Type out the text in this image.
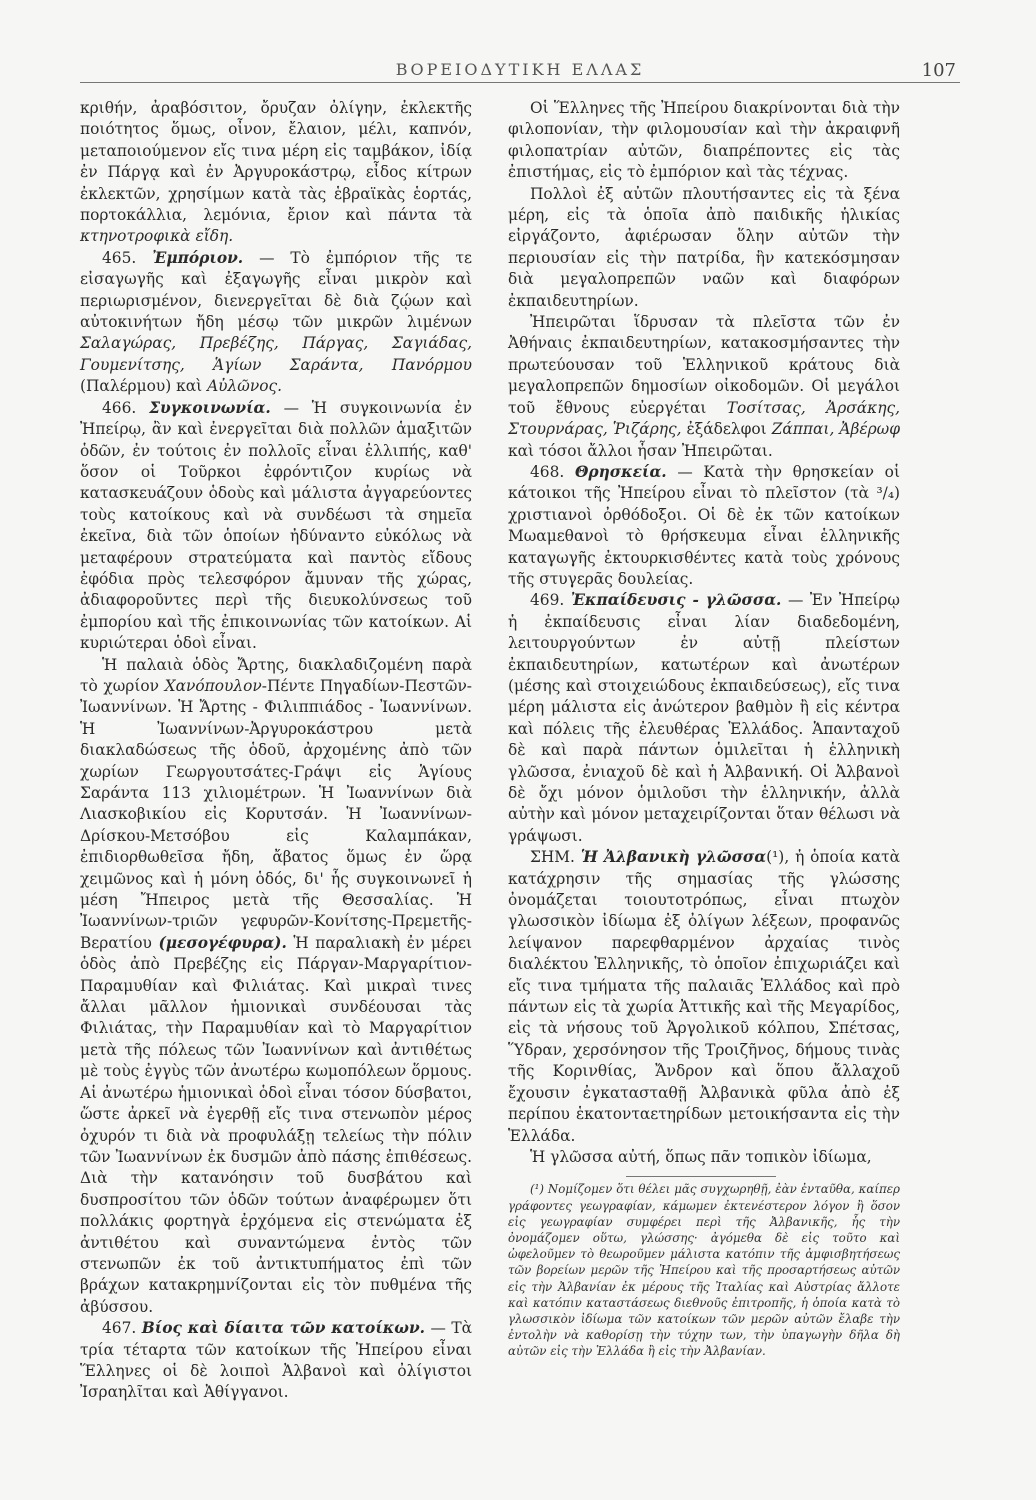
ΒΟΡΕΙΟΔΥΤΙΚΗ ΕΛΛΑΣ	107

κριθήν, ἀραβόσιτον, ὄρυζαν ὀλίγην, ἐκλεκτῆς ποιότητος ὅμως, οἶνον, ἔλαιον, μέλι, καπνόν, μεταποιούμενον εἴς τινα μέρη εἰς ταμβάκον, ἰδίᾳ ἐν Πάργᾳ καὶ ἐν Ἀργυροκάστρῳ, εἶδος κίτρων ἐκλεκτῶν, χρησίμων κατὰ τὰς ἑβραϊκὰς ἑορτάς, πορτοκάλλια, λεμόνια, ἔριον καὶ πάντα τὰ κτηνοτροφικὰ εἴδη.

465. Ἐμπόριον. — Τὸ ἐμπόριον τῆς τε εἰσαγωγῆς καὶ ἐξαγωγῆς εἶναι μικρὸν καὶ περιωρισμένον, διενεργεῖται δὲ διὰ ζῴων καὶ αὐτοκινήτων ἤδη μέσῳ τῶν μικρῶν λιμένων Σαλαγώρας, Πρεβέζης, Πάργας, Σαγιάδας, Γουμενίτσης, Ἁγίων Σαράντα, Πανόρμου (Παλέρμου) καὶ Αὐλῶνος.

466. Συγκοινωνία. — Ἡ συγκοινωνία ἐν Ἠπείρῳ, ἂν καὶ ἐνεργεῖται διὰ πολλῶν ἁμαξιτῶν ὁδῶν, ἐν τούτοις ἐν πολλοῖς εἶναι ἐλλιπής, καθ' ὅσον οἱ Τοῦρκοι ἐφρόντιζον κυρίως νὰ κατασκευάζουν ὁδοὺς καὶ μάλιστα ἀγγαρεύοντες τοὺς κατοίκους καὶ νὰ συνδέωσι τὰ σημεῖα ἐκεῖνα, διὰ τῶν ὁποίων ἠδύναντο εὐκόλως νὰ μεταφέρουν στρατεύματα καὶ παντὸς εἴδους ἐφόδια πρὸς τελεσφόρον ἄμυναν τῆς χώρας, ἀδιαφοροῦντες περὶ τῆς διευκολύνσεως τοῦ ἐμπορίου καὶ τῆς ἐπικοινωνίας τῶν κατοίκων. Αἱ κυριώτεραι ὁδοὶ εἶναι.

Ἡ παλαιὰ ὁδὸς Ἄρτης, διακλαδιζομένη παρὰ τὸ χωρίον Χανόπουλον-Πέντε Πηγαδίων-Πεστῶν-Ἰωαννίνων. Ἡ Ἄρτης - Φιλιππιάδος - Ἰωαννίνων. Ἡ Ἰωαννίνων-Ἀργυροκάστρου μετὰ διακλαδώσεως τῆς ὁδοῦ, ἀρχομένης ἀπὸ τῶν χωρίων Γεωργουτσάτες-Γράψι εἰς Ἁγίους Σαράντα 113 χιλιομέτρων. Ἡ Ἰωαννίνων διὰ Λιασκοβικίου εἰς Κορυτσάν. Ἡ Ἰωαννίνων-Δρίσκου-Μετσόβου εἰς Καλαμπάκαν, ἐπιδιορθωθεῖσα ἤδη, ἄβατος ὅμως ἐν ὥρᾳ χειμῶνος καὶ ἡ μόνη ὁδός, δι' ἧς συγκοινωνεῖ ἡ μέση Ἤπειρος μετὰ τῆς Θεσσαλίας. Ἡ Ἰωαννίνων-τριῶν γεφυρῶν-Κονίτσης-Πρεμετῆς-Βερατίου (μεσογέφυρα). Ἡ παραλιακὴ ἐν μέρει ὁδὸς ἀπὸ Πρεβέζης εἰς Πάργαν-Μαργαρίτιον-Παραμυθίαν καὶ Φιλιάτας. Καὶ μικραὶ τινες ἄλλαι μᾶλλον ἡμιονικαὶ συνδέουσαι τὰς Φιλιάτας, τὴν Παραμυθίαν καὶ τὸ Μαργαρίτιον μετὰ τῆς πόλεως τῶν Ἰωαννίνων καὶ ἀντιθέτως μὲ τοὺς ἐγγὺς τῶν ἀνωτέρω κωμοπόλεων ὅρμους. Αἱ ἀνωτέρω ἡμιονικαὶ ὁδοὶ εἶναι τόσον δύσβατοι, ὥστε ἀρκεῖ νὰ ἐγερθῇ εἴς τινα στενωπὸν μέρος ὀχυρόν τι διὰ νὰ προφυλάξῃ τελείως τὴν πόλιν τῶν Ἰωαννίνων ἐκ δυσμῶν ἀπὸ πάσης ἐπιθέσεως. Διὰ τὴν κατανόησιν τοῦ δυσβάτου καὶ δυσπροσίτου τῶν ὁδῶν τούτων ἀναφέρωμεν ὅτι πολλάκις φορτηγὰ ἐρχόμενα εἰς στενώματα ἐξ ἀντιθέτου καὶ συναντώμενα ἐντὸς τῶν στενωπῶν ἐκ τοῦ ἀντικτυπήματος ἐπὶ τῶν βράχων κατακρημνίζονται εἰς τὸν πυθμένα τῆς ἀβύσσου.

467. Βίος καὶ δίαιτα τῶν κατοίκων. — Τὰ τρία τέταρτα τῶν κατοίκων τῆς Ἠπείρου εἶναι Ἕλληνες οἱ δὲ λοιποὶ Ἀλβανοὶ καὶ ὀλίγιστοι Ἰσραηλῖται καὶ Ἀθίγγανοι.

Οἱ Ἕλληνες τῆς Ἠπείρου διακρίνονται διὰ τὴν φιλοπονίαν, τὴν φιλομουσίαν καὶ τὴν ἀκραιφνῆ φιλοπατρίαν αὐτῶν, διαπρέποντες εἰς τὰς ἐπιστήμας, εἰς τὸ ἐμπόριον καὶ τὰς τέχνας.

Πολλοὶ ἐξ αὐτῶν πλουτήσαντες εἰς τὰ ξένα μέρη, εἰς τὰ ὁποῖα ἀπὸ παιδικῆς ἡλικίας εἰργάζοντο, ἀφιέρωσαν ὅλην αὐτῶν τὴν περιουσίαν εἰς τὴν πατρίδα, ἣν κατεκόσμησαν διὰ μεγαλοπρεπῶν ναῶν καὶ διαφόρων ἐκπαιδευτηρίων.

Ἠπειρῶται ἵδρυσαν τὰ πλεῖστα τῶν ἐν Ἀθήναις ἐκπαιδευτηρίων, κατακοσμήσαντες τὴν πρωτεύουσαν τοῦ Ἑλληνικοῦ κράτους διὰ μεγαλοπρεπῶν δημοσίων οἰκοδομῶν. Οἱ μεγάλοι τοῦ ἔθνους εὐεργέται Τοσίτσας, Ἀρσάκης, Στουρνάρας, Ῥιζάρης, ἐξάδελφοι Ζάππαι, Ἀβέρωφ καὶ τόσοι ἄλλοι ἦσαν Ἠπειρῶται.

468. Θρησκεία. — Κατὰ τὴν θρησκείαν οἱ κάτοικοι τῆς Ἠπείρου εἶναι τὸ πλεῖστον (τὰ ³/₄) χριστιανοὶ ὀρθόδοξοι. Οἱ δὲ ἐκ τῶν κατοίκων Μωαμεθανοὶ τὸ θρήσκευμα εἶναι ἑλληνικῆς καταγωγῆς ἐκτουρκισθέντες κατὰ τοὺς χρόνους τῆς στυγερᾶς δουλείας.

469. Ἐκπαίδευσις - γλῶσσα. — Ἐν Ἠπείρῳ ἡ ἐκπαίδευσις εἶναι λίαν διαδεδομένη, λειτουργούντων ἐν αὐτῇ πλείστων ἐκπαιδευτηρίων, κατωτέρων καὶ ἀνωτέρων (μέσης καὶ στοιχειώδους ἐκπαιδεύσεως), εἴς τινα μέρη μάλιστα εἰς ἀνώτερον βαθμὸν ἢ εἰς κέντρα καὶ πόλεις τῆς ἐλευθέρας Ἑλλάδος. Ἁπανταχοῦ δὲ καὶ παρὰ πάντων ὁμιλεῖται ἡ ἑλληνικὴ γλῶσσα, ἐνιαχοῦ δὲ καὶ ἡ Ἀλβανική. Οἱ Ἀλβανοὶ δὲ ὄχι μόνον ὁμιλοῦσι τὴν ἑλληνικήν, ἀλλὰ αὐτὴν καὶ μόνον μεταχειρίζονται ὅταν θέλωσι νὰ γράψωσι.

ΣΗΜ. Ἡ Ἀλβανικὴ γλῶσσα(¹), ἡ ὁποία κατὰ κατάχρησιν τῆς σημασίας τῆς γλώσσης ὀνομάζεται τοιουτοτρόπως, εἶναι πτωχὸν γλωσσικὸν ἰδίωμα ἐξ ὀλίγων λέξεων, προφανῶς λείψανον παρεφθαρμένον ἀρχαίας τινὸς διαλέκτου Ἑλληνικῆς, τὸ ὁποῖον ἐπιχωριάζει καὶ εἴς τινα τμήματα τῆς παλαιᾶς Ἑλλάδος καὶ πρὸ πάντων εἰς τὰ χωρία Ἀττικῆς καὶ τῆς Μεγαρίδος, εἰς τὰ νήσους τοῦ Ἀργολικοῦ κόλπου, Σπέτσας, Ὕδραν, χερσόνησον τῆς Τροιζῆνος, δήμους τινὰς τῆς Κορινθίας, Ἄνδρον καὶ ὅπου ἄλλαχοῦ ἔχουσιν ἐγκατασταθῇ Ἀλβανικὰ φῦλα ἀπὸ ἐξ περίπου ἑκατονταετηρίδων μετοικήσαντα εἰς τὴν Ἑλλάδα.

Ἡ γλῶσσα αὐτή, ὅπως πᾶν τοπικὸν ἰδίωμα,

(¹) Νομίζομεν ὅτι θέλει μᾶς συγχωρηθῇ, ἐὰν ἐνταῦθα, καίπερ γράφοντες γεωγραφίαν, κάμωμεν ἐκτενέστερον λόγον ἢ ὅσον εἰς γεωγραφίαν συμφέρει περὶ τῆς Ἀλβανικῆς, ἧς τὴν ὀνομάζομεν οὕτω, γλώσσης· ἀγόμεθα δὲ εἰς τοῦτο καὶ ὠφελοῦμεν τὸ θεωροῦμεν μάλιστα κατόπιν τῆς ἀμφισβητήσεως τῶν βορείων μερῶν τῆς Ἠπείρου καὶ τῆς προσαρτήσεως αὐτῶν εἰς τὴν Ἀλβανίαν ἐκ μέρους τῆς Ἰταλίας καὶ Αὐστρίας ἄλλοτε καὶ κατόπιν καταστάσεως διεθνοῦς ἐπιτροπῆς, ἡ ὁποία κατὰ τὸ γλωσσικὸν ἰδίωμα τῶν κατοίκων τῶν μερῶν αὐτῶν ἔλαβε τὴν ἐντολὴν νὰ καθορίσῃ τὴν τύχην των, τὴν ὑπαγωγὴν δῆλα δὴ αὐτῶν εἰς τὴν Ἑλλάδα ἢ εἰς τὴν Ἀλβανίαν.
